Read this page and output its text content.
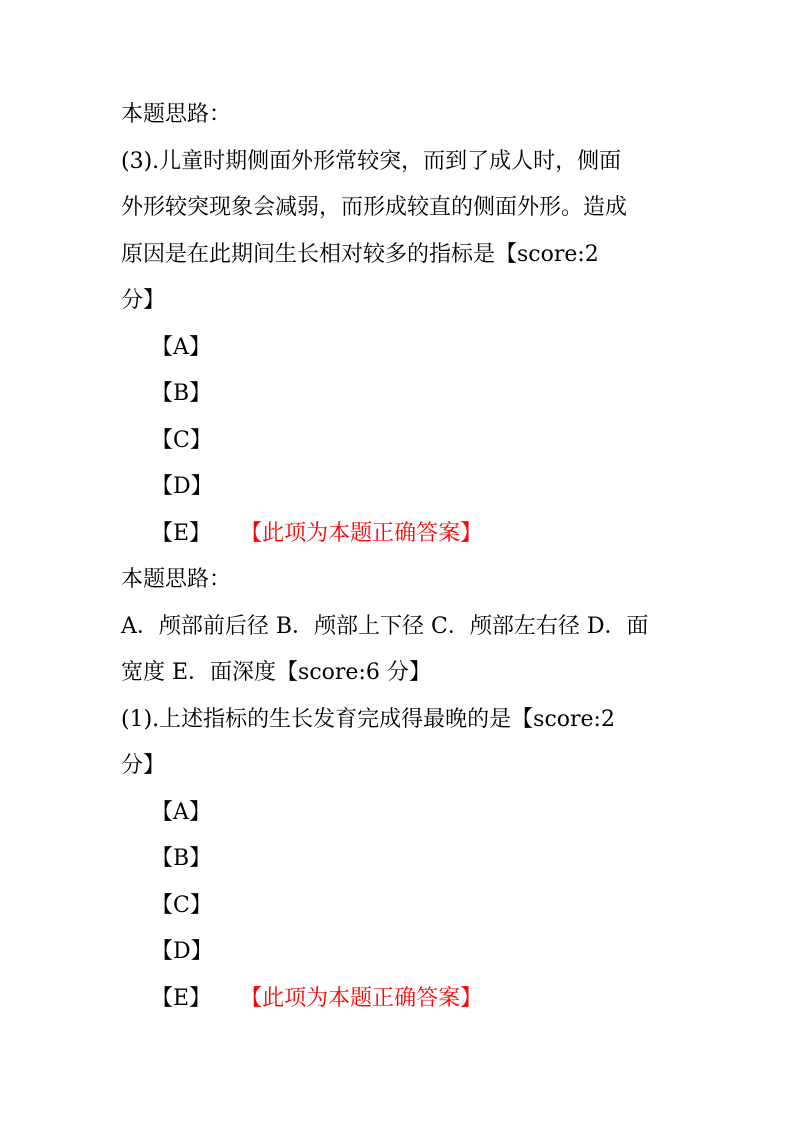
本题思路：
(3).儿童时期侧面外形常较突，而到了成人时，侧面
外形较突现象会减弱，而形成较直的侧面外形。造成
原因是在此期间生长相对较多的指标是【score:2
分】
【A】
【B】
【C】
【D】
【E】 【此项为本题正确答案】
本题思路：
A．颅部前后径 B．颅部上下径 C．颅部左右径 D．面
宽度 E．面深度【score:6 分】
(1).上述指标的生长发育完成得最晚的是【score:2
分】
【A】
【B】
【C】
【D】
【E】 【此项为本题正确答案】
